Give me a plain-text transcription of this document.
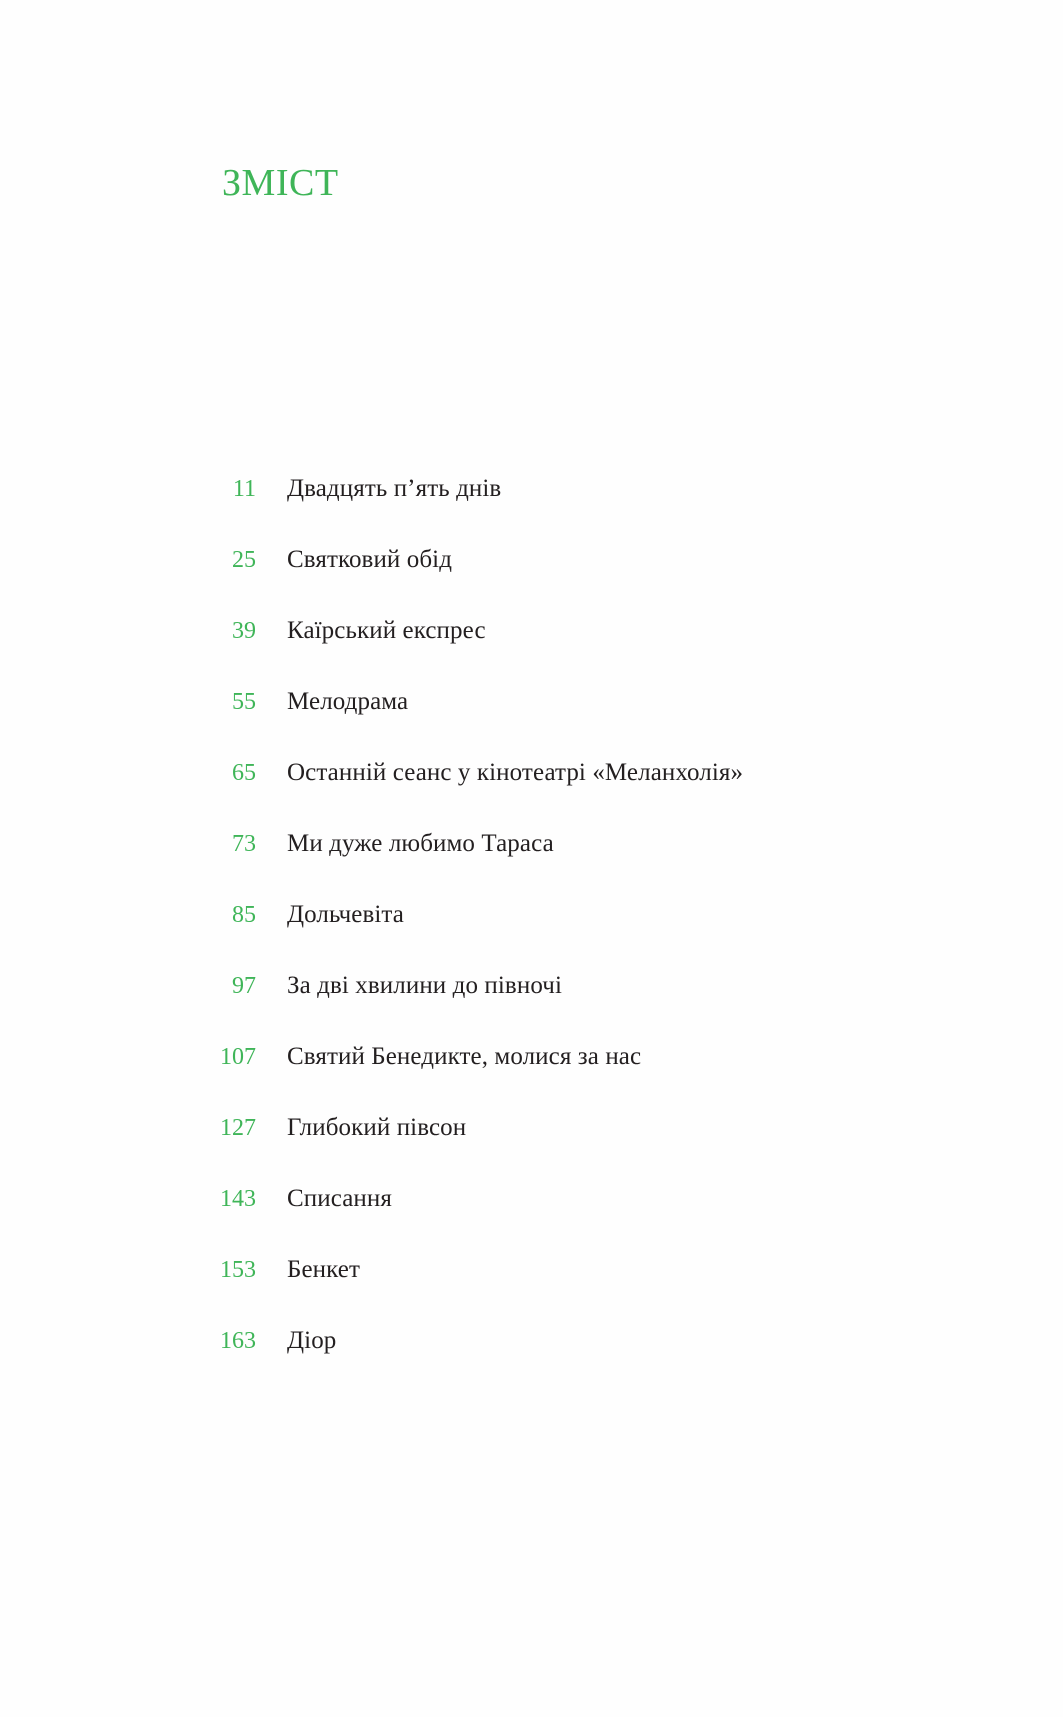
ЗМІСТ
11 Двадцять п’ять днів
25 Святковий обід
39 Каїрський експрес
55 Мелодрама
65 Останній сеанс у кінотеатрі «Меланхолія»
73 Ми дуже любимо Тараса
85 Дольчевіта
97 За дві хвилини до півночі
107 Святий Бенедикте, молися за нас
127 Глибокий півсон
143 Списання
153 Бенкет
163 Діор
